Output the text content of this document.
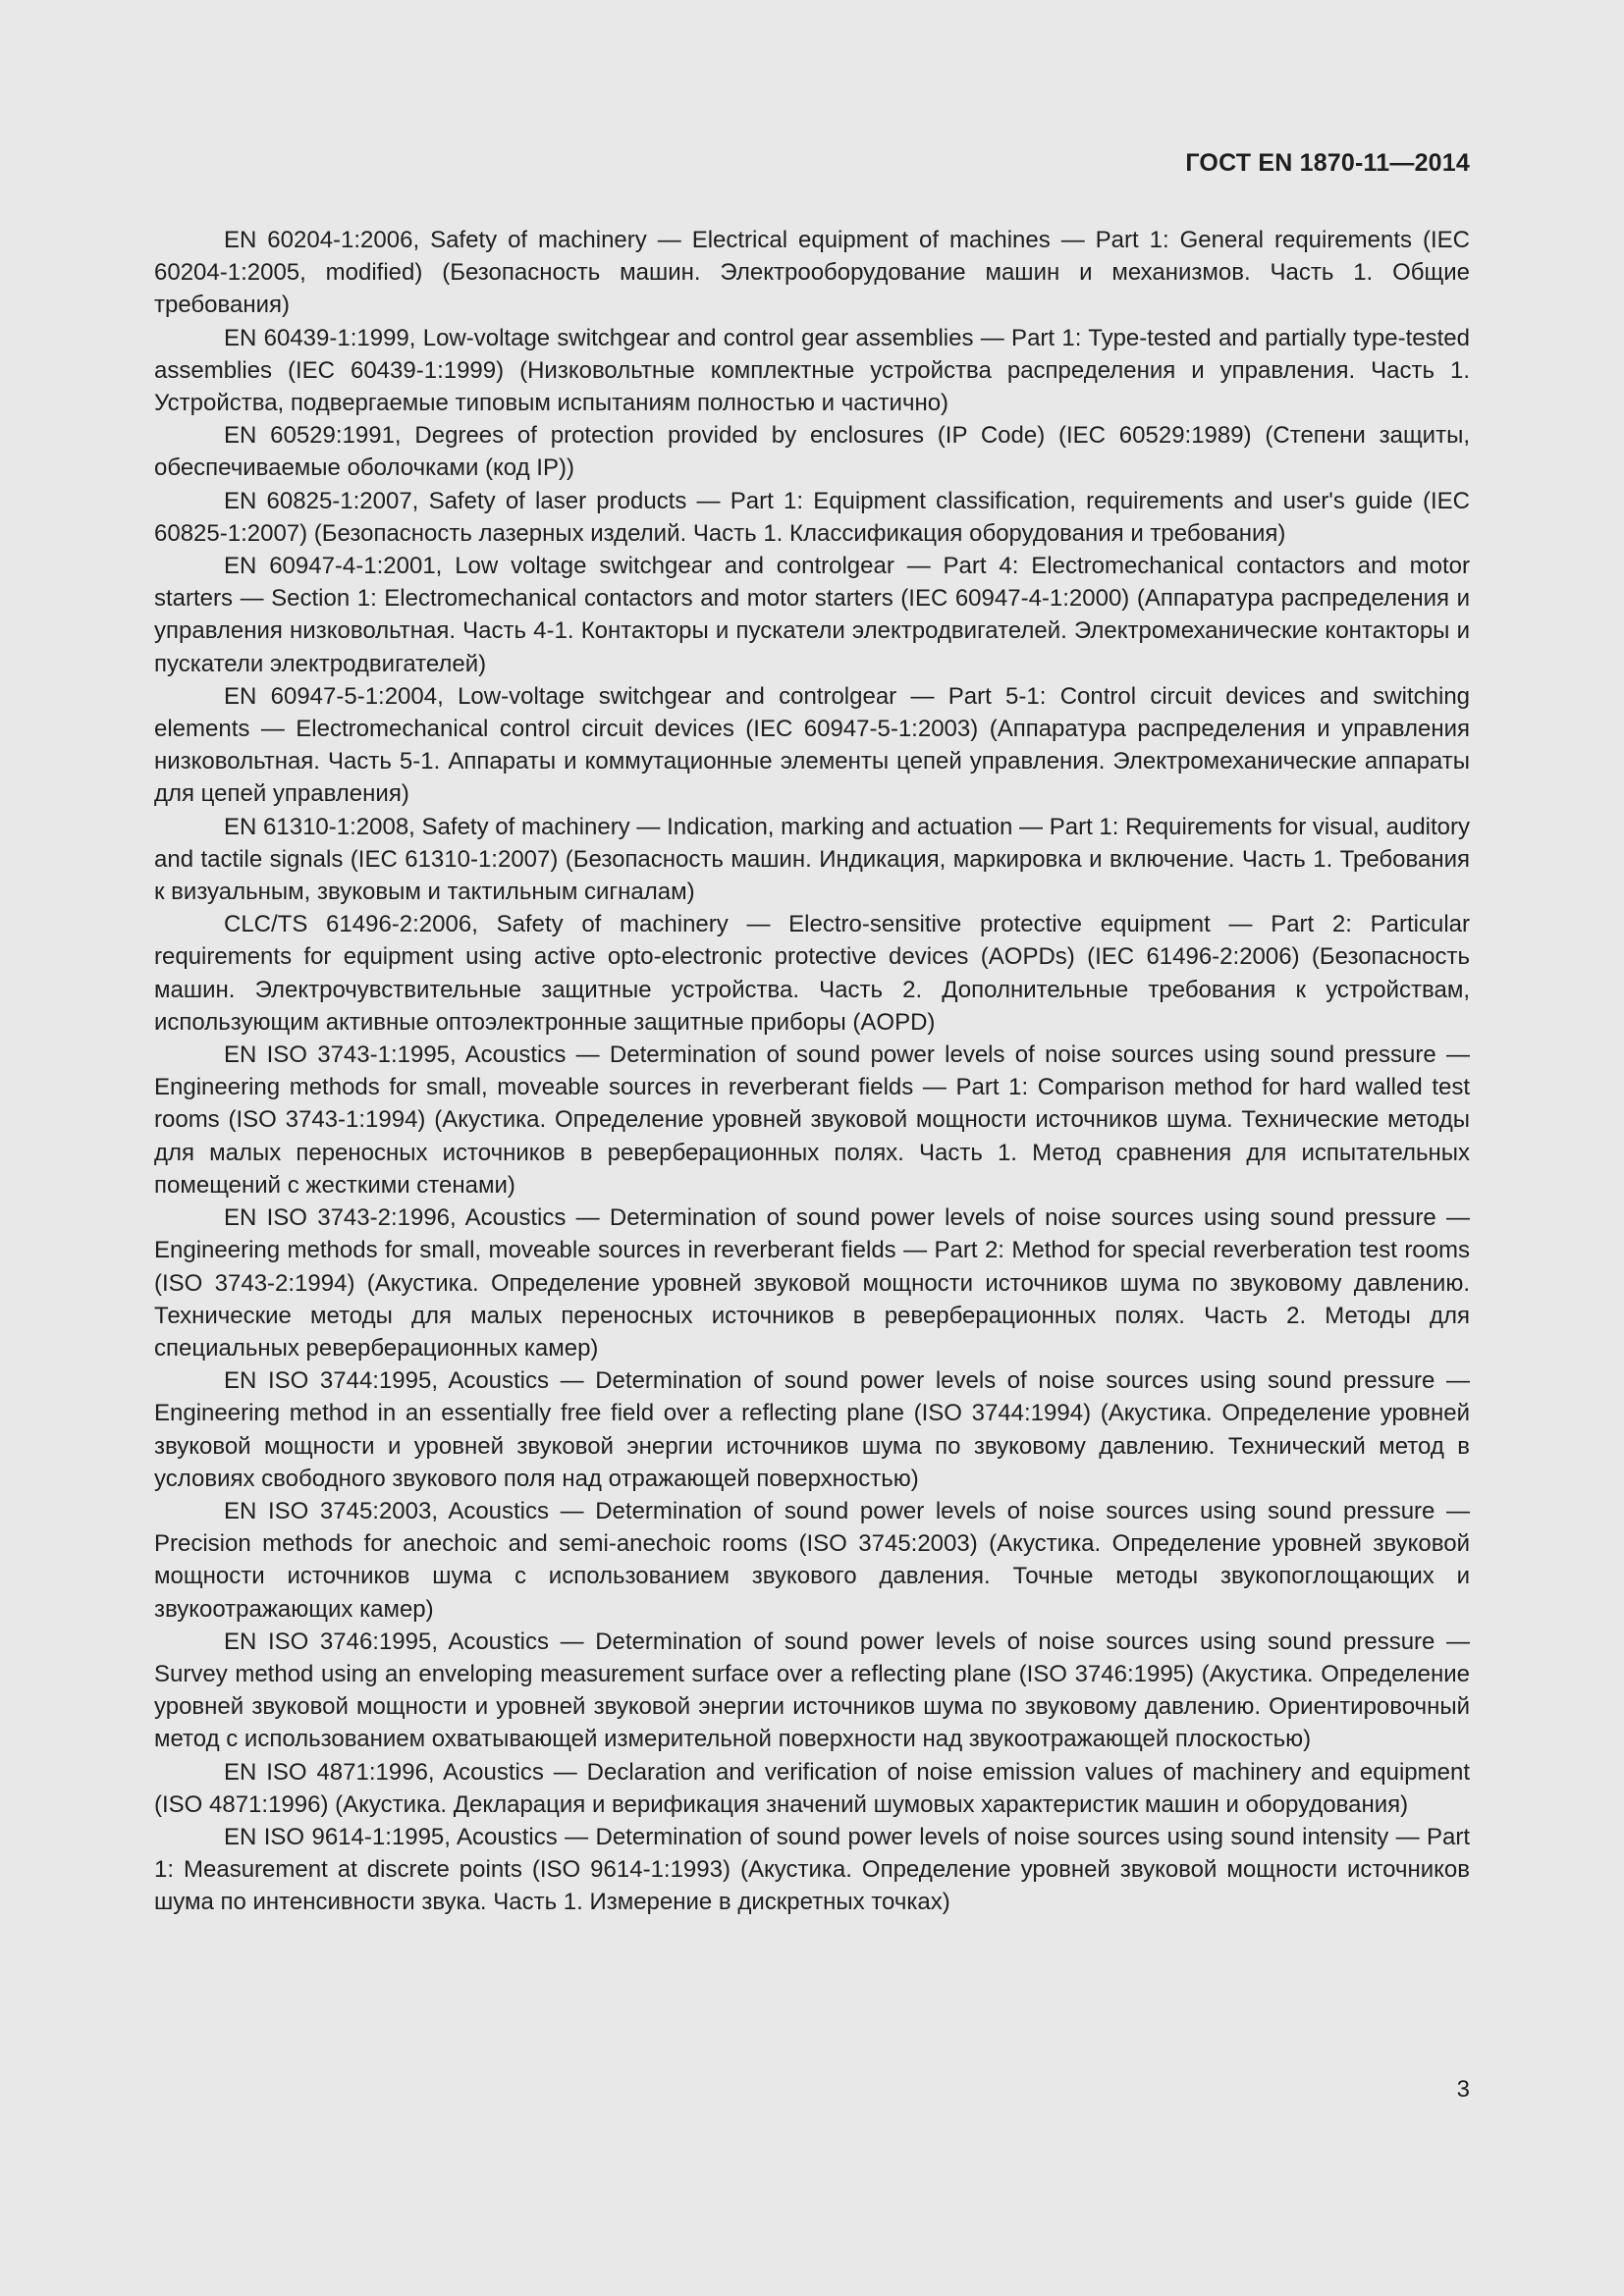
ГОСТ EN 1870-11—2014

EN 60204-1:2006, Safety of machinery — Electrical equipment of machines — Part 1: General requirements (IEC 60204-1:2005, modified) (Безопасность машин. Электрооборудование машин и механизмов. Часть 1. Общие требования)

EN 60439-1:1999, Low-voltage switchgear and control gear assemblies — Part 1: Type-tested and partially type-tested assemblies (IEC 60439-1:1999) (Низковольтные комплектные устройства распределения и управления. Часть 1. Устройства, подвергаемые типовым испытаниям полностью и частично)

EN 60529:1991, Degrees of protection provided by enclosures (IP Code) (IEC 60529:1989) (Степени защиты, обеспечиваемые оболочками (код IP))

EN 60825-1:2007, Safety of laser products — Part 1: Equipment classification, requirements and user's guide (IEC 60825-1:2007) (Безопасность лазерных изделий. Часть 1. Классификация оборудования и требования)

EN 60947-4-1:2001, Low voltage switchgear and controlgear — Part 4: Electromechanical contactors and motor starters — Section 1: Electromechanical contactors and motor starters (IEC 60947-4-1:2000) (Аппаратура распределения и управления низковольтная. Часть 4-1. Контакторы и пускатели электродвигателей. Электромеханические контакторы и пускатели электродвигателей)

EN 60947-5-1:2004, Low-voltage switchgear and controlgear — Part 5-1: Control circuit devices and switching elements — Electromechanical control circuit devices (IEC 60947-5-1:2003) (Аппаратура распределения и управления низковольтная. Часть 5-1. Аппараты и коммутационные элементы цепей управления. Электромеханические аппараты для цепей управления)

EN 61310-1:2008, Safety of machinery — Indication, marking and actuation — Part 1: Requirements for visual, auditory and tactile signals (IEC 61310-1:2007) (Безопасность машин. Индикация, маркировка и включение. Часть 1. Требования к визуальным, звуковым и тактильным сигналам)

CLC/TS 61496-2:2006, Safety of machinery — Electro-sensitive protective equipment — Part 2: Particular requirements for equipment using active opto-electronic protective devices (AOPDs) (IEC 61496-2:2006) (Безопасность машин. Электрочувствительные защитные устройства. Часть 2. Дополнительные требования к устройствам, использующим активные оптоэлектронные защитные приборы (AOPD)

EN ISO 3743-1:1995, Acoustics — Determination of sound power levels of noise sources using sound pressure — Engineering methods for small, moveable sources in reverberant fields — Part 1: Comparison method for hard walled test rooms (ISO 3743-1:1994) (Акустика. Определение уровней звуковой мощности источников шума. Технические методы для малых переносных источников в реверберационных полях. Часть 1. Метод сравнения для испытательных помещений с жесткими стенами)

EN ISO 3743-2:1996, Acoustics — Determination of sound power levels of noise sources using sound pressure — Engineering methods for small, moveable sources in reverberant fields — Part 2: Method for special reverberation test rooms (ISO 3743-2:1994) (Акустика. Определение уровней звуковой мощности источников шума по звуковому давлению. Технические методы для малых переносных источников в реверберационных полях. Часть 2. Методы для специальных реверберационных камер)

EN ISO 3744:1995, Acoustics — Determination of sound power levels of noise sources using sound pressure — Engineering method in an essentially free field over a reflecting plane (ISO 3744:1994) (Акустика. Определение уровней звуковой мощности и уровней звуковой энергии источников шума по звуковому давлению. Технический метод в условиях свободного звукового поля над отражающей поверхностью)

EN ISO 3745:2003, Acoustics — Determination of sound power levels of noise sources using sound pressure — Precision methods for anechoic and semi-anechoic rooms (ISO 3745:2003) (Акустика. Определение уровней звуковой мощности источников шума с использованием звукового давления. Точные методы звукопоглощающих и звукоотражающих камер)

EN ISO 3746:1995, Acoustics — Determination of sound power levels of noise sources using sound pressure — Survey method using an enveloping measurement surface over a reflecting plane (ISO 3746:1995) (Акустика. Определение уровней звуковой мощности и уровней звуковой энергии источников шума по звуковому давлению. Ориентировочный метод с использованием охватывающей измерительной поверхности над звукоотражающей плоскостью)

EN ISO 4871:1996, Acoustics — Declaration and verification of noise emission values of machinery and equipment (ISO 4871:1996) (Акустика. Декларация и верификация значений шумовых характеристик машин и оборудования)

EN ISO 9614-1:1995, Acoustics — Determination of sound power levels of noise sources using sound intensity — Part 1: Measurement at discrete points (ISO 9614-1:1993) (Акустика. Определение уровней звуковой мощности источников шума по интенсивности звука. Часть 1. Измерение в дискретных точках)

3
